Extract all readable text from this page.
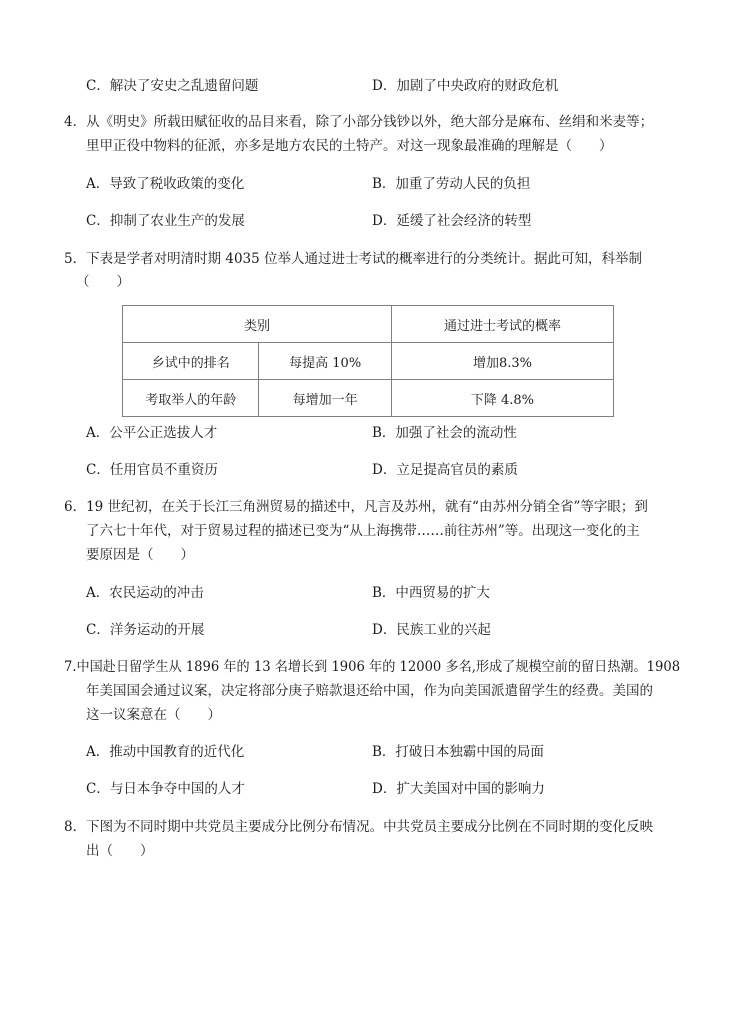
C．解决了安史之乱遗留问题	D．加剧了中央政府的财政危机
4．从《明史》所载田赋征收的品目来看，除了小部分钱钞以外，绝大部分是麻布、丝绢和米麦等；
里甲正役中物料的征派，亦多是地方农民的土特产。对这一现象最准确的理解是（　　）
A．导致了税收政策的变化	B．加重了劳动人民的负担
C．抑制了农业生产的发展	D．延缓了社会经济的转型
5．下表是学者对明清时期 4035 位举人通过进士考试的概率进行的分类统计。据此可知，科举制
（　　）
类别		通过进士考试的概率
乡试中的排名	每提高 10%	增加8.3%
考取举人的年龄	每增加一年	下降 4.8%
A．公平公正选拔人才	B．加强了社会的流动性
C．任用官员不重资历	D．立足提高官员的素质
6．19 世纪初，在关于长江三角洲贸易的描述中，凡言及苏州，就有“由苏州分销全省”等字眼；到
了六七十年代，对于贸易过程的描述已变为“从上海携带……前往苏州”等。出现这一变化的主
要原因是（　　）
A．农民运动的冲击	B．中西贸易的扩大
C．洋务运动的开展	D．民族工业的兴起
7.中国赴日留学生从 1896 年的 13 名增长到 1906 年的 12000 多名,形成了规模空前的留日热潮。1908
年美国国会通过议案，决定将部分庚子赔款退还给中国，作为向美国派遣留学生的经费。美国的
这一议案意在（　　）
A．推动中国教育的近代化	B．打破日本独霸中国的局面
C．与日本争夺中国的人才	D．扩大美国对中国的影响力
8．下图为不同时期中共党员主要成分比例分布情况。中共党员主要成分比例在不同时期的变化反映
出（　　）
